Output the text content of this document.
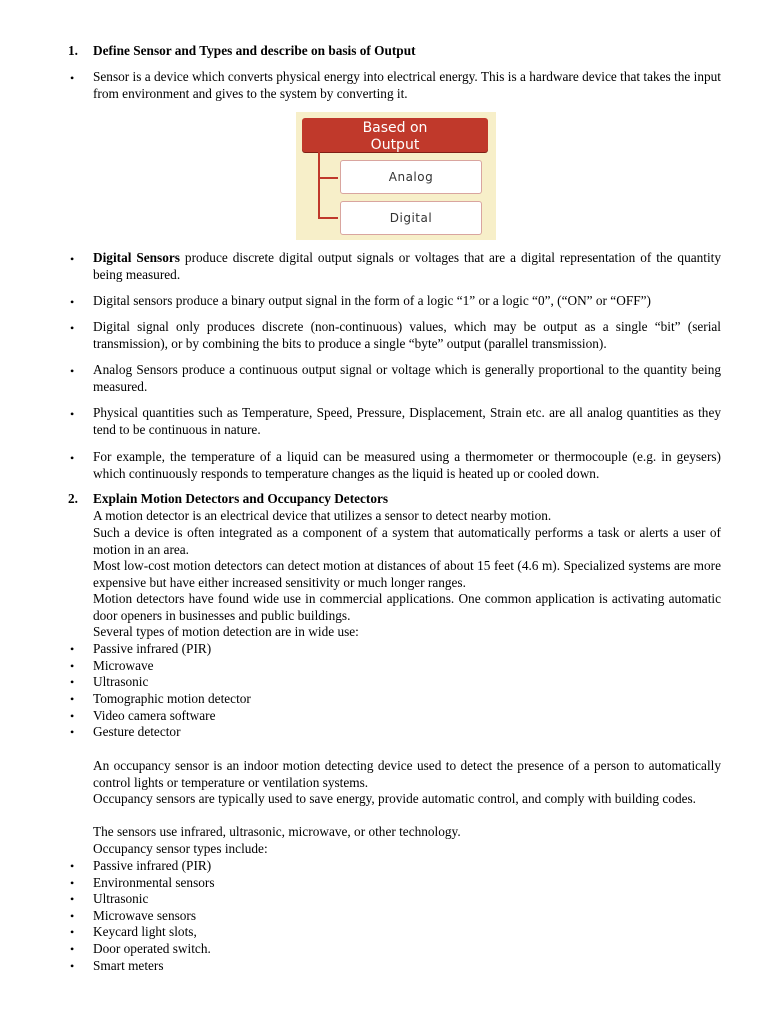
1. Define Sensor and Types and describe on basis of Output
• Sensor is a device which converts physical energy into electrical energy. This is a hardware device that takes the input from environment and gives to the system by converting it.
Based on
Output
Analog
Digital
• Digital Sensors produce discrete digital output signals or voltages that are a digital representation of the quantity being measured.
• Digital sensors produce a binary output signal in the form of a logic “1” or a logic “0”, (“ON” or “OFF”)
• Digital signal only produces discrete (non-continuous) values, which may be output as a single “bit” (serial transmission), or by combining the bits to produce a single “byte” output (parallel transmission).
• Analog Sensors produce a continuous output signal or voltage which is generally proportional to the quantity being measured.
• Physical quantities such as Temperature, Speed, Pressure, Displacement, Strain etc. are all analog quantities as they tend to be continuous in nature.
• For example, the temperature of a liquid can be measured using a thermometer or thermocouple (e.g. in geysers) which continuously responds to temperature changes as the liquid is heated up or cooled down.
2. Explain Motion Detectors and Occupancy Detectors
A motion detector is an electrical device that utilizes a sensor to detect nearby motion.
Such a device is often integrated as a component of a system that automatically performs a task or alerts a user of motion in an area.
Most low-cost motion detectors can detect motion at distances of about 15 feet (4.6 m). Specialized systems are more expensive but have either increased sensitivity or much longer ranges.
Motion detectors have found wide use in commercial applications. One common application is activating automatic door openers in businesses and public buildings.
Several types of motion detection are in wide use:
• Passive infrared (PIR)
• Microwave
• Ultrasonic
• Tomographic motion detector
• Video camera software
• Gesture detector
An occupancy sensor is an indoor motion detecting device used to detect the presence of a person to automatically control lights or temperature or ventilation systems.
Occupancy sensors are typically used to save energy, provide automatic control, and comply with building codes.
The sensors use infrared, ultrasonic, microwave, or other technology.
Occupancy sensor types include:
• Passive infrared (PIR)
• Environmental sensors
• Ultrasonic
• Microwave sensors
• Keycard light slots,
• Door operated switch.
• Smart meters
